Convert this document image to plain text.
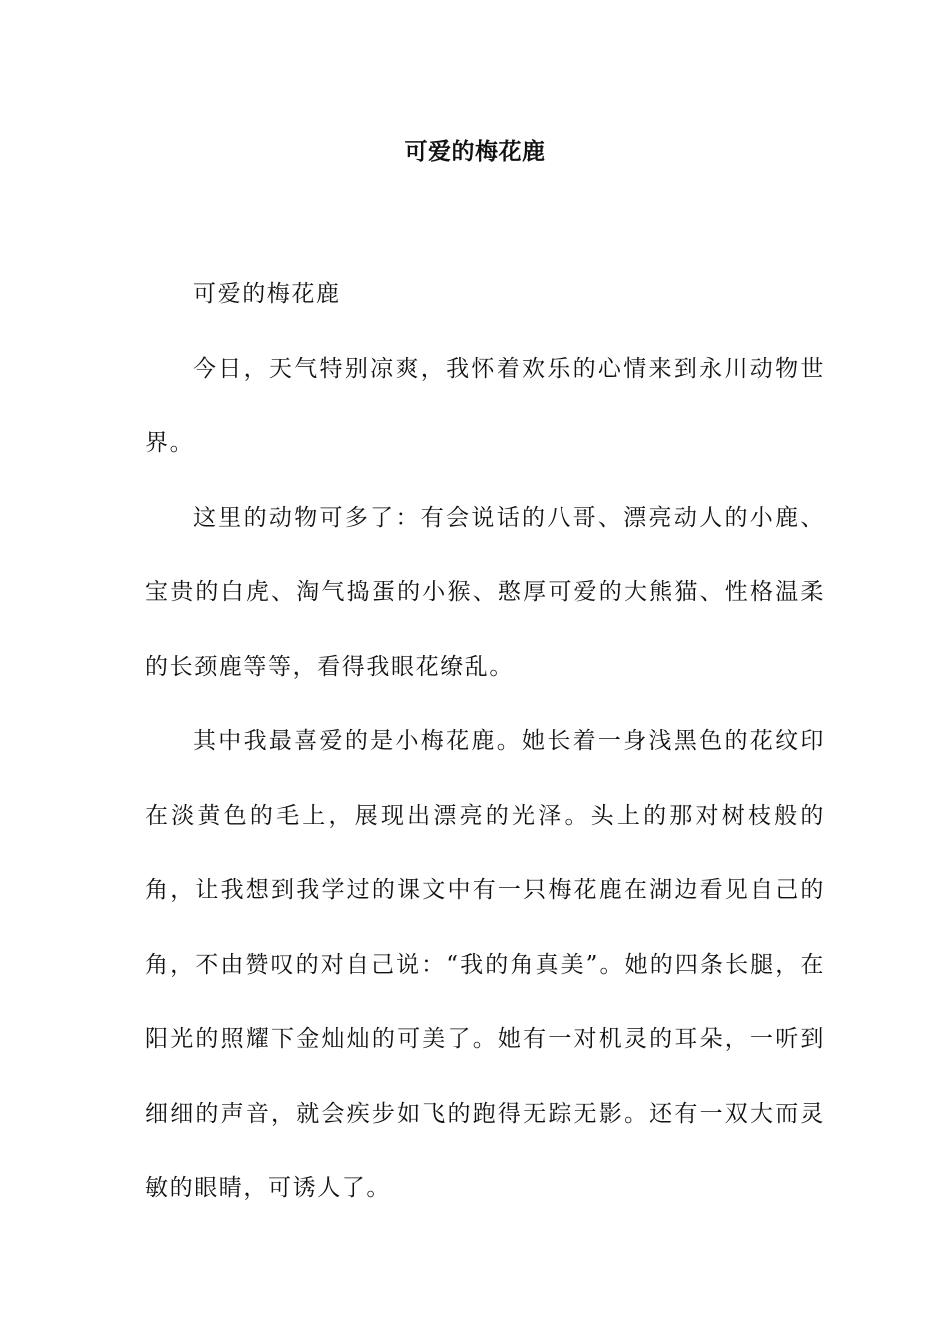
可爱的梅花鹿

可爱的梅花鹿

今日，天气特别凉爽，我怀着欢乐的心情来到永川动物世界。

这里的动物可多了：有会说话的八哥、漂亮动人的小鹿、宝贵的白虎、淘气捣蛋的小猴、憨厚可爱的大熊猫、性格温柔的长颈鹿等等，看得我眼花缭乱。

其中我最喜爱的是小梅花鹿。她长着一身浅黑色的花纹印在淡黄色的毛上，展现出漂亮的光泽。头上的那对树枝般的角，让我想到我学过的课文中有一只梅花鹿在湖边看见自己的角，不由赞叹的对自己说：“我的角真美”。她的四条长腿，在阳光的照耀下金灿灿的可美了。她有一对机灵的耳朵，一听到细细的声音，就会疾步如飞的跑得无踪无影。还有一双大而灵敏的眼睛，可诱人了。
